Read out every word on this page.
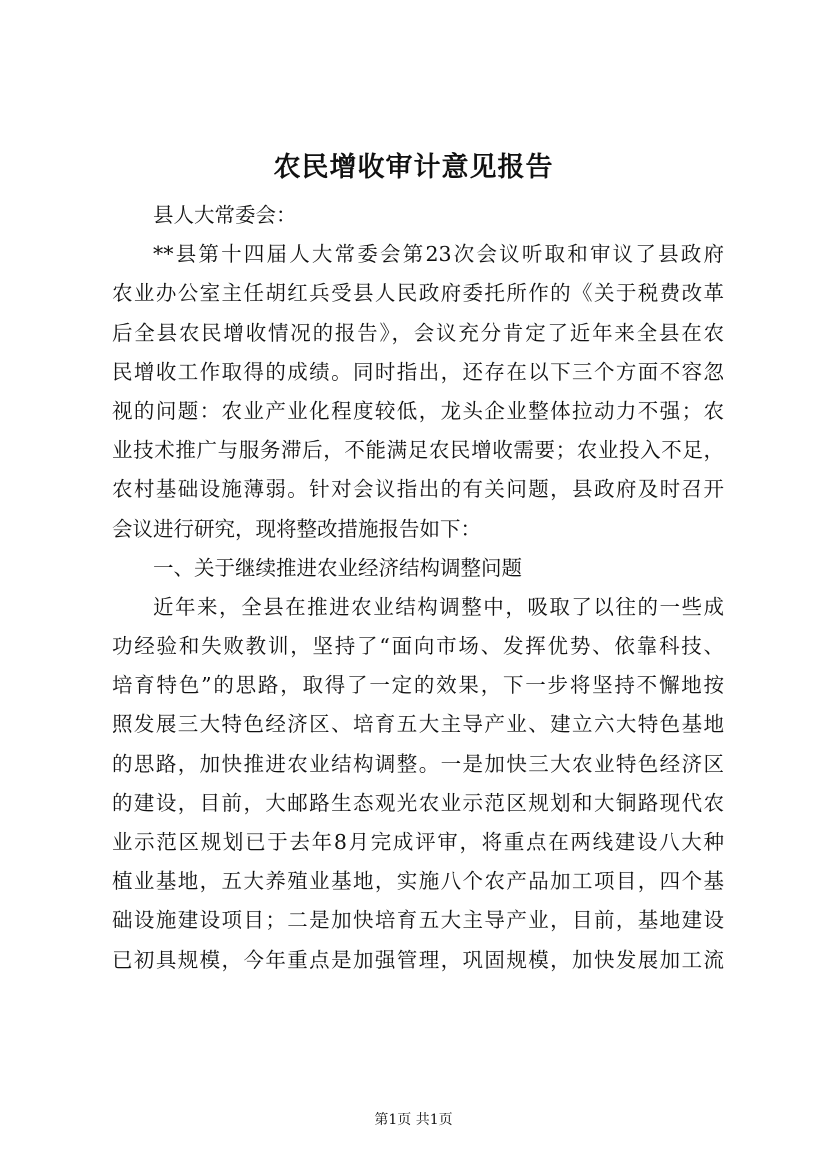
农民增收审计意见报告
县人大常委会：
**县第十四届人大常委会第23次会议听取和审议了县政府
农业办公室主任胡红兵受县人民政府委托所作的《关于税费改革
后全县农民增收情况的报告》，会议充分肯定了近年来全县在农
民增收工作取得的成绩。同时指出，还存在以下三个方面不容忽
视的问题：农业产业化程度较低，龙头企业整体拉动力不强；农
业技术推广与服务滞后，不能满足农民增收需要；农业投入不足，
农村基础设施薄弱。针对会议指出的有关问题，县政府及时召开
会议进行研究，现将整改措施报告如下：
一、关于继续推进农业经济结构调整问题
近年来，全县在推进农业结构调整中，吸取了以往的一些成
功经验和失败教训，坚持了“面向市场、发挥优势、依靠科技、
培育特色”的思路，取得了一定的效果，下一步将坚持不懈地按
照发展三大特色经济区、培育五大主导产业、建立六大特色基地
的思路，加快推进农业结构调整。一是加快三大农业特色经济区
的建设，目前，大邮路生态观光农业示范区规划和大铜路现代农
业示范区规划已于去年8月完成评审，将重点在两线建设八大种
植业基地，五大养殖业基地，实施八个农产品加工项目，四个基
础设施建设项目；二是加快培育五大主导产业，目前，基地建设
已初具规模，今年重点是加强管理，巩固规模，加快发展加工流
第1页 共1页
